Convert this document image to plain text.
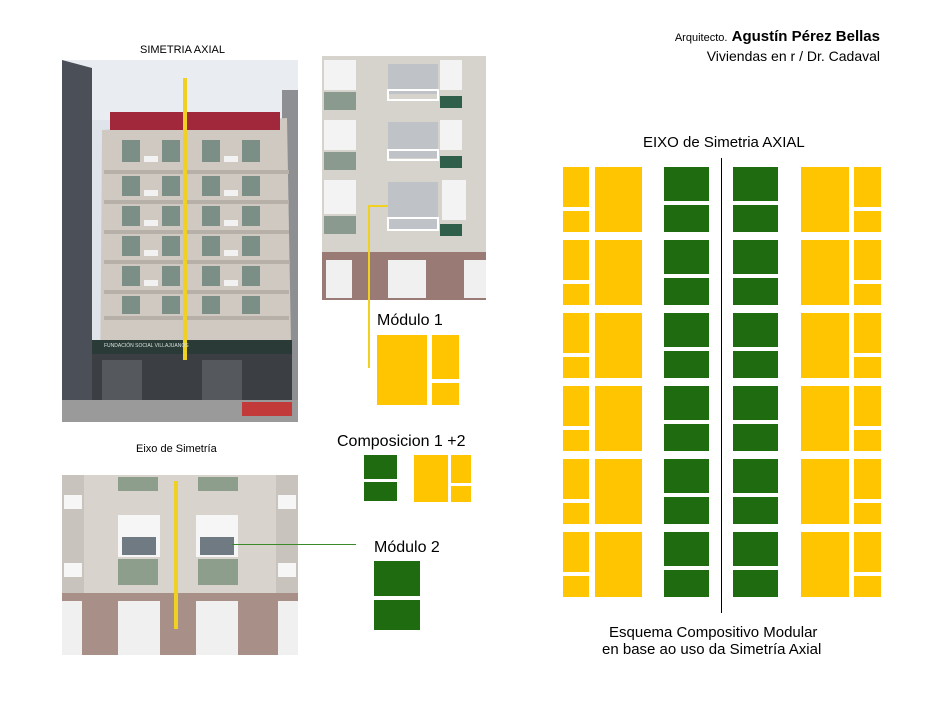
Arquitecto. Agustín Pérez Bellas
Viviendas en r / Dr. Cadaval
SIMETRIA AXIAL
FUNDACIÓN SOCIAL VILLAJUANOS
Módulo 1
Composicion 1 +2
Eixo de Simetría
Módulo 2
EIXO de Simetria AXIAL
Esquema Compositivo Modular
en base ao uso da Simetría Axial
